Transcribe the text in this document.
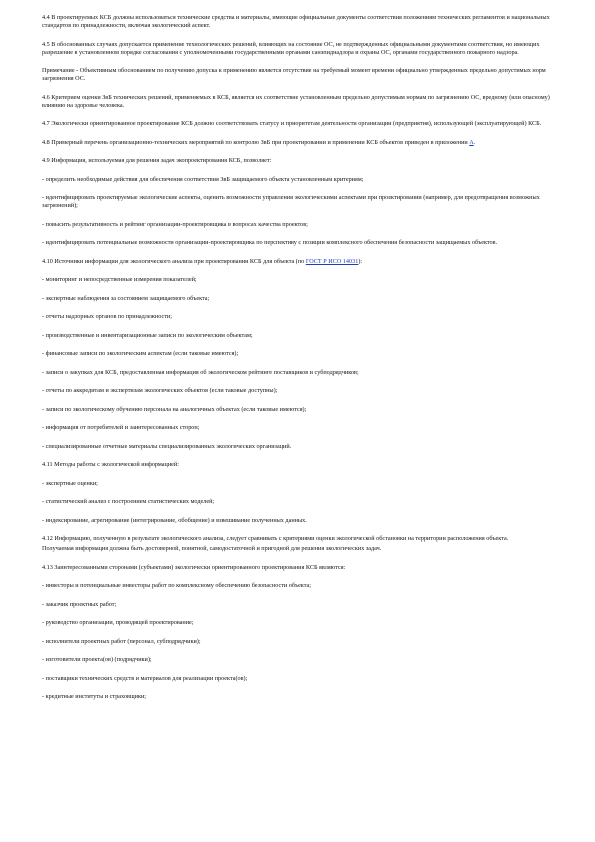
4.4 В проектируемых КСБ должны использоваться технические средства и материалы, имеющие официальные документы соответствия положениям технических регламентов и национальных стандартов по принадлежности, включая экологический аспект.

4.5 В обоснованных случаях допускается применение технологических решений, влияющих на состояние ОС, не подтвержденных официальными документами соответствия, но имеющих разрешение в установленном порядке согласования с уполномоченными государственными органами санэпиднадзора и охраны ОС, органами государственного пожарного надзора.

Примечание - Объективным обоснованием по получению допуска к применению является отсутствие на требуемый момент времени официально утвержденных предельно допустимых норм загрязнения ОС.

4.6 Критерием оценки ЗвБ технических решений, применяемых в КСБ, является их соответствие установленным предельно допустимым нормам по загрязнению ОС, вредному (или опасному) влиянию на здоровье человека.

4.7 Экологически ориентированное проектирование КСБ должно соответствовать статусу и приоритетам деятельности организации (предприятия), использующей (эксплуатирующей) КСБ.

4.8 Примерный перечень организационно-технических мероприятий по контролю ЗвБ при проектировании и применении КСБ объектов приведен в приложении А.

4.9 Информация, используемая для решения задач экопроектирования КСБ, позволяет:

- определить необходимые действия для обеспечения соответствия ЗвБ защищаемого объекта установленным критериям;

- идентифицировать проектируемые экологические аспекты, оценить возможности управления экологическими аспектами при проектировании (например, для предотвращения возможных загрязнений);

- повысить результативность и рейтинг организации-проектировщика в вопросах качества проектов;

- идентифицировать потенциальные возможности организации-проектировщика по перспективу с позиции комплексного обеспечения безопасности защищаемых объектов.

4.10 Источники информации для экологического анализа при проектировании КСБ для объекта (по ГОСТ Р ИСО 14031):

- мониторинг и непосредственные измерения показателей;

- экспертные наблюдения за состоянием защищаемого объекта;

- отчеты надзорных органов по принадлежности;

- производственные и инвентаризационные записи по экологическим объектам;

- финансовые записи по экологическим аспектам (если таковые имеются);

- записи о закупках для КСБ, предоставленная информация об экологическом рейтинге поставщиков и субподрядчиков;

- отчеты по аккредитам и экспертизам экологических объектов (если таковые доступны);

- записи по экологическому обучению персонала на аналогичных объектах (если таковые имеются);

- информация от потребителей и заинтересованных сторон;

- специализированные отчетные материалы специализированных экологических организаций.

4.11 Методы работы с экологической информацией:

- экспертные оценки;

- статистический анализ с построением статистических моделей;

- индексирование, агрегирование (интегрирование, обобщение) и взвешивание полученных данных.

4.12 Информацию, полученную в результате экологического анализа, следует сравнивать с критериями оценки экологической обстановки на территории расположения объекта.

Получаемая информация должна быть достоверной, понятной, самодостаточной и пригодной для решения экологических задач.

4.13 Заинтересованными сторонами (субъектами) экологически ориентированного проектирования КСБ являются:

- инвесторы и потенциальные инвесторы работ по комплексному обеспечению безопасности объекта;

- заказчик проектных работ;

- руководство организации, проводящей проектирование;

- исполнители проектных работ (персонал, субподрядчики);

- изготовители проекта(ов) (подрядчики);

- поставщики технических средств и материалов для реализации проекта(ов);

- кредитные институты и страховщики;
